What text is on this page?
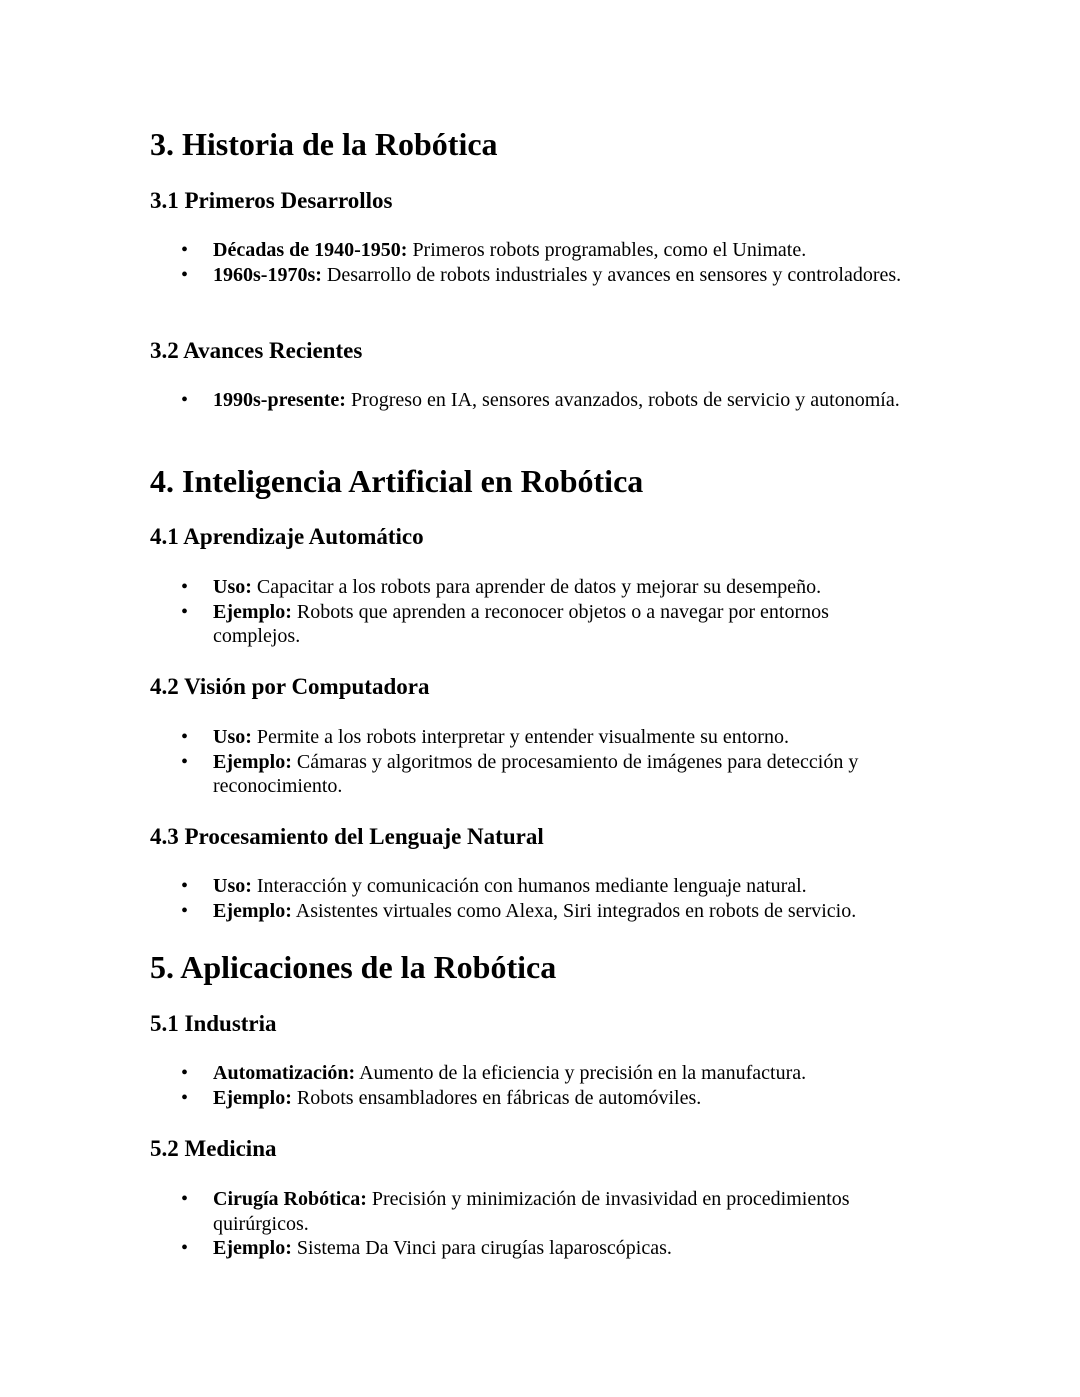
3. Historia de la Robótica
3.1 Primeros Desarrollos
• Décadas de 1940-1950: Primeros robots programables, como el Unimate.
• 1960s-1970s: Desarrollo de robots industriales y avances en sensores y controladores.
3.2 Avances Recientes
• 1990s-presente: Progreso en IA, sensores avanzados, robots de servicio y autonomía.
4. Inteligencia Artificial en Robótica
4.1 Aprendizaje Automático
• Uso: Capacitar a los robots para aprender de datos y mejorar su desempeño.
• Ejemplo: Robots que aprenden a reconocer objetos o a navegar por entornos complejos.
4.2 Visión por Computadora
• Uso: Permite a los robots interpretar y entender visualmente su entorno.
• Ejemplo: Cámaras y algoritmos de procesamiento de imágenes para detección y reconocimiento.
4.3 Procesamiento del Lenguaje Natural
• Uso: Interacción y comunicación con humanos mediante lenguaje natural.
• Ejemplo: Asistentes virtuales como Alexa, Siri integrados en robots de servicio.
5. Aplicaciones de la Robótica
5.1 Industria
• Automatización: Aumento de la eficiencia y precisión en la manufactura.
• Ejemplo: Robots ensambladores en fábricas de automóviles.
5.2 Medicina
• Cirugía Robótica: Precisión y minimización de invasividad en procedimientos quirúrgicos.
• Ejemplo: Sistema Da Vinci para cirugías laparoscópicas.
